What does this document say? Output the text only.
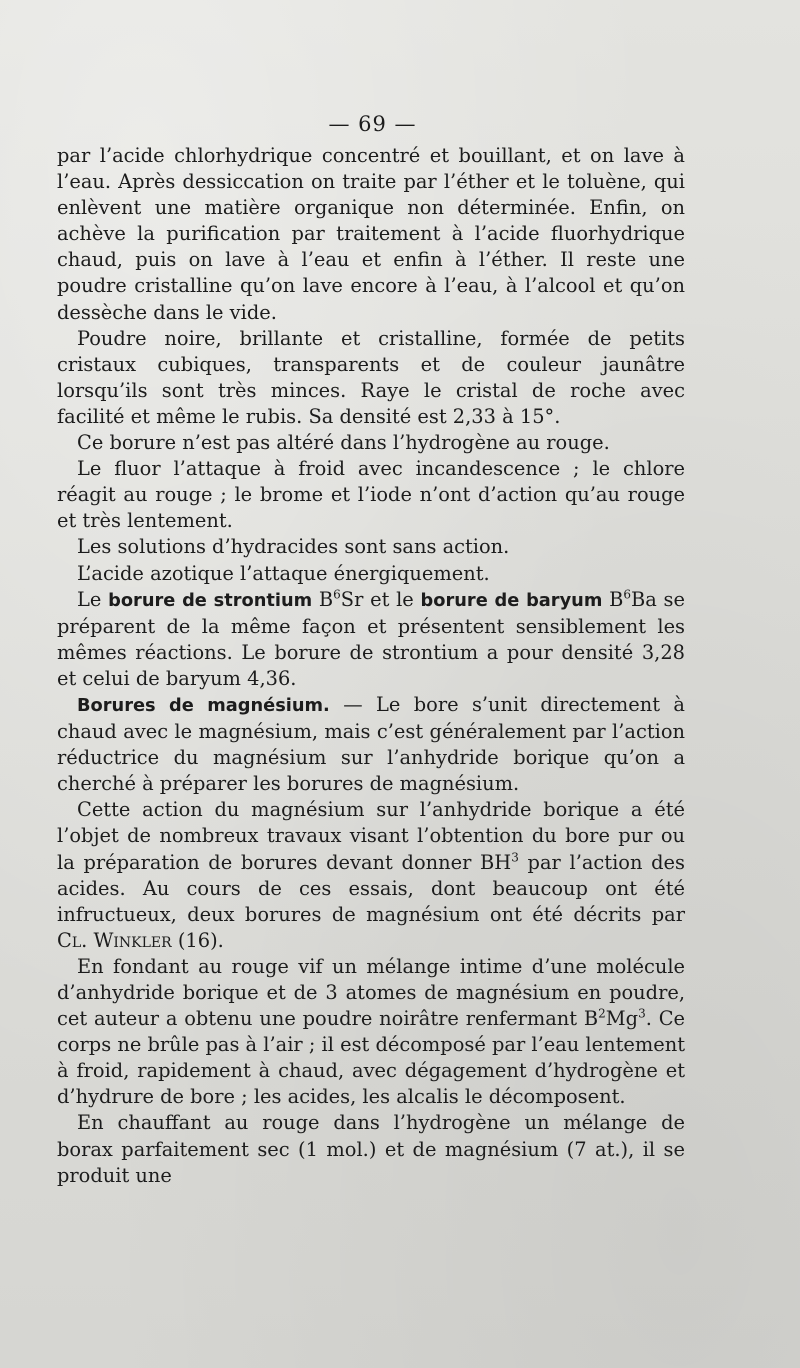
— 69 —

par l’acide chlorhydrique concentré et bouillant, et on lave à l’eau. Après dessiccation on traite par l’éther et le toluène, qui enlèvent une matière organique non déterminée. Enfin, on achève la purification par traitement à l’acide fluorhydrique chaud, puis on lave à l’eau et enfin à l’éther. Il reste une poudre cristalline qu’on lave encore à l’eau, à l’alcool et qu’on dessèche dans le vide.

Poudre noire, brillante et cristalline, formée de petits cristaux cubiques, transparents et de couleur jaunâtre lorsqu’ils sont très minces. Raye le cristal de roche avec facilité et même le rubis. Sa densité est 2,33 à 15°.

Ce borure n’est pas altéré dans l’hydrogène au rouge.

Le fluor l’attaque à froid avec incandescence ; le chlore réagit au rouge ; le brome et l’iode n’ont d’action qu’au rouge et très lentement.

Les solutions d’hydracides sont sans action.

L’acide azotique l’attaque énergiquement.

Le borure de strontium $B^6Sr$ et le borure de baryum $B^6Ba$ se préparent de la même façon et présentent sensiblement les mêmes réactions. Le borure de strontium a pour densité 3,28 et celui de baryum 4,36.

Borures de magnésium. — Le bore s’unit directement à chaud avec le magnésium, mais c’est généralement par l’action réductrice du magnésium sur l’anhydride borique qu’on a cherché à préparer les borures de magnésium.

Cette action du magnésium sur l’anhydride borique a été l’objet de nombreux travaux visant l’obtention du bore pur ou la préparation de borures devant donner $BH^3$ par l’action des acides. Au cours de ces essais, dont beaucoup ont été infructueux, deux borures de magnésium ont été décrits par Cl. Winkler (16).

En fondant au rouge vif un mélange intime d’une molécule d’anhydride borique et de 3 atomes de magnésium en poudre, cet auteur a obtenu une poudre noirâtre renfermant $B^2Mg^3$. Ce corps ne brûle pas à l’air ; il est décomposé par l’eau lentement à froid, rapidement à chaud, avec dégagement d’hydrogène et d’hydrure de bore ; les acides, les alcalis le décomposent.

En chauffant au rouge dans l’hydrogène un mélange de borax parfaitement sec (1 mol.) et de magnésium (7 at.), il se produit une
